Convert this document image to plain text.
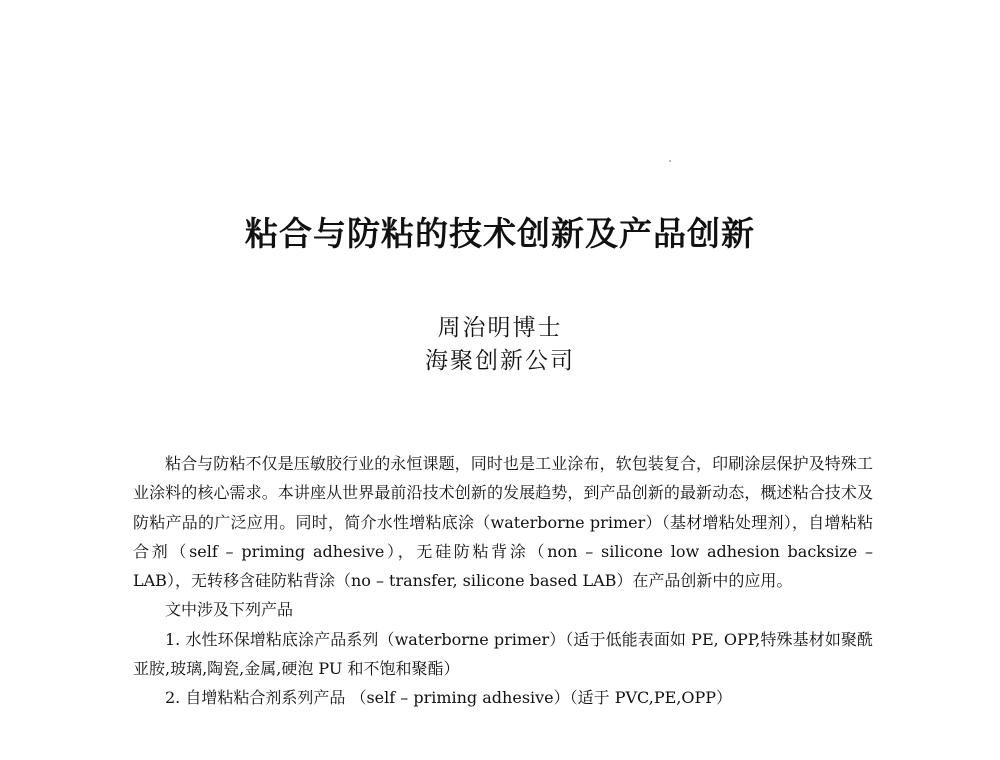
粘合与防粘的技术创新及产品创新
周治明博士
海聚创新公司

粘合与防粘不仅是压敏胶行业的永恒课题，同时也是工业涂布，软包装复合，印刷涂层保护及特殊工业涂料的核心需求。本讲座从世界最前沿技术创新的发展趋势，到产品创新的最新动态，概述粘合技术及防粘产品的广泛应用。同时，简介水性增粘底涂（waterborne primer）（基材增粘处理剂），自增粘粘合剂（self – priming adhesive），无硅防粘背涂（non – silicone low adhesion backsize – LAB），无转移含硅防粘背涂（no – transfer, silicone based LAB）在产品创新中的应用。

文中涉及下列产品

1. 水性环保增粘底涂产品系列（waterborne primer）（适于低能表面如 PE, OPP,特殊基材如聚酰亚胺,玻璃,陶瓷,金属,硬泡 PU 和不饱和聚酯）

2. 自增粘粘合剂系列产品 （self – priming adhesive）（适于 PVC,PE,OPP）
